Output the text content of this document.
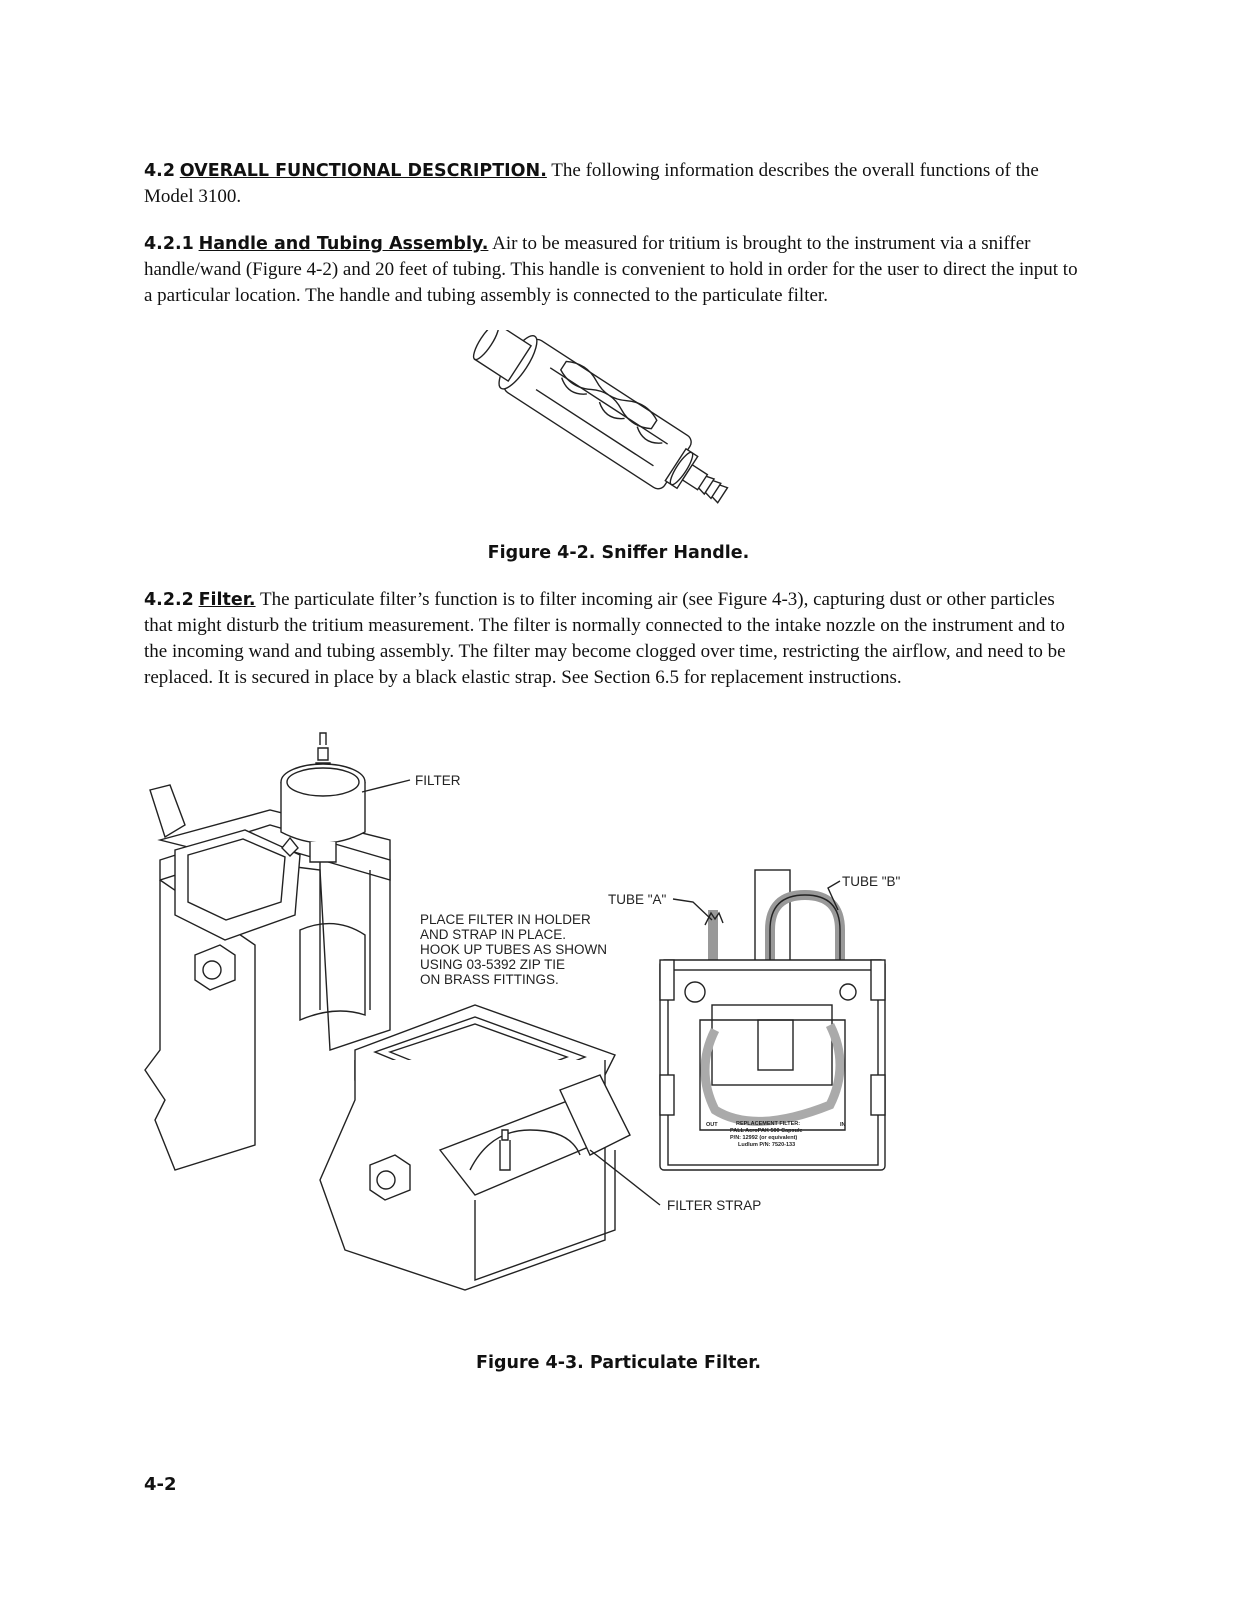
4.2 OVERALL FUNCTIONAL DESCRIPTION. The following information describes the overall functions of the Model 3100.
4.2.1 Handle and Tubing Assembly. Air to be measured for tritium is brought to the instrument via a sniffer handle/wand (Figure 4-2) and 20 feet of tubing. This handle is convenient to hold in order for the user to direct the input to a particular location. The handle and tubing assembly is connected to the particulate filter.
Figure 4-2. Sniffer Handle.
4.2.2 Filter. The particulate filter’s function is to filter incoming air (see Figure 4-3), capturing dust or other particles that might disturb the tritium measurement. The filter is normally connected to the intake nozzle on the instrument and to the incoming wand and tubing assembly. The filter may become clogged over time, restricting the airflow, and need to be replaced. It is secured in place by a black elastic strap. See Section 6.5 for replacement instructions.
FILTER
PLACE FILTER IN HOLDER
AND STRAP IN PLACE.
HOOK UP TUBES AS SHOWN
USING 03-5392 ZIP TIE
ON BRASS FITTINGS.
FILTER STRAP
OUT	IN
REPLACEMENT FILTER:
PALL AcroPAK 500 Capsule
P/N: 12992 (or equivalent)
Ludlum P/N: 7520-133
TUBE "A"
TUBE "B"
Figure 4-3. Particulate Filter.
4-2
